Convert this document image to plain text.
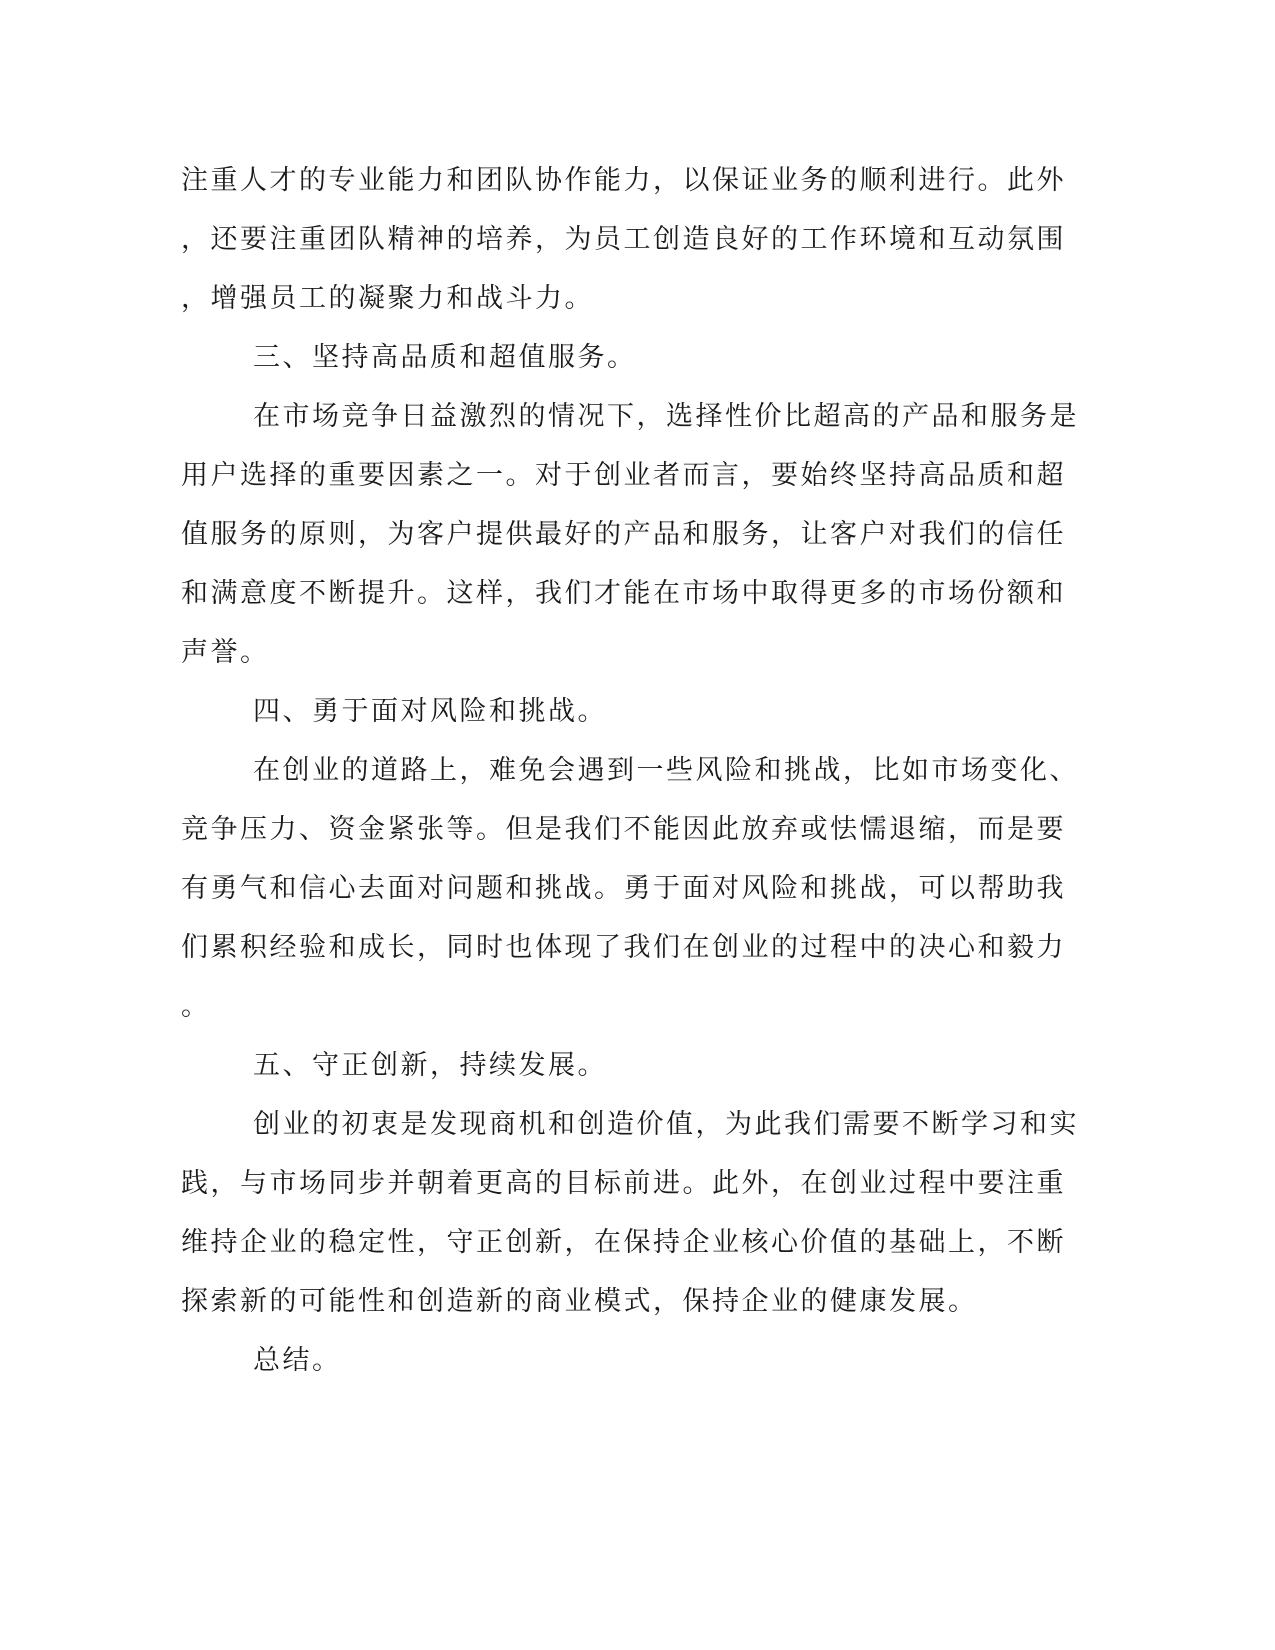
注重人才的专业能力和团队协作能力，以保证业务的顺利进行。此外
，还要注重团队精神的培养，为员工创造良好的工作环境和互动氛围
，增强员工的凝聚力和战斗力。
三、坚持高品质和超值服务。
在市场竞争日益激烈的情况下，选择性价比超高的产品和服务是
用户选择的重要因素之一。对于创业者而言，要始终坚持高品质和超
值服务的原则，为客户提供最好的产品和服务，让客户对我们的信任
和满意度不断提升。这样，我们才能在市场中取得更多的市场份额和
声誉。
四、勇于面对风险和挑战。
在创业的道路上，难免会遇到一些风险和挑战，比如市场变化、
竞争压力、资金紧张等。但是我们不能因此放弃或怯懦退缩，而是要
有勇气和信心去面对问题和挑战。勇于面对风险和挑战，可以帮助我
们累积经验和成长，同时也体现了我们在创业的过程中的决心和毅力
。
五、守正创新，持续发展。
创业的初衷是发现商机和创造价值，为此我们需要不断学习和实
践，与市场同步并朝着更高的目标前进。此外，在创业过程中要注重
维持企业的稳定性，守正创新，在保持企业核心价值的基础上，不断
探索新的可能性和创造新的商业模式，保持企业的健康发展。
总结。
